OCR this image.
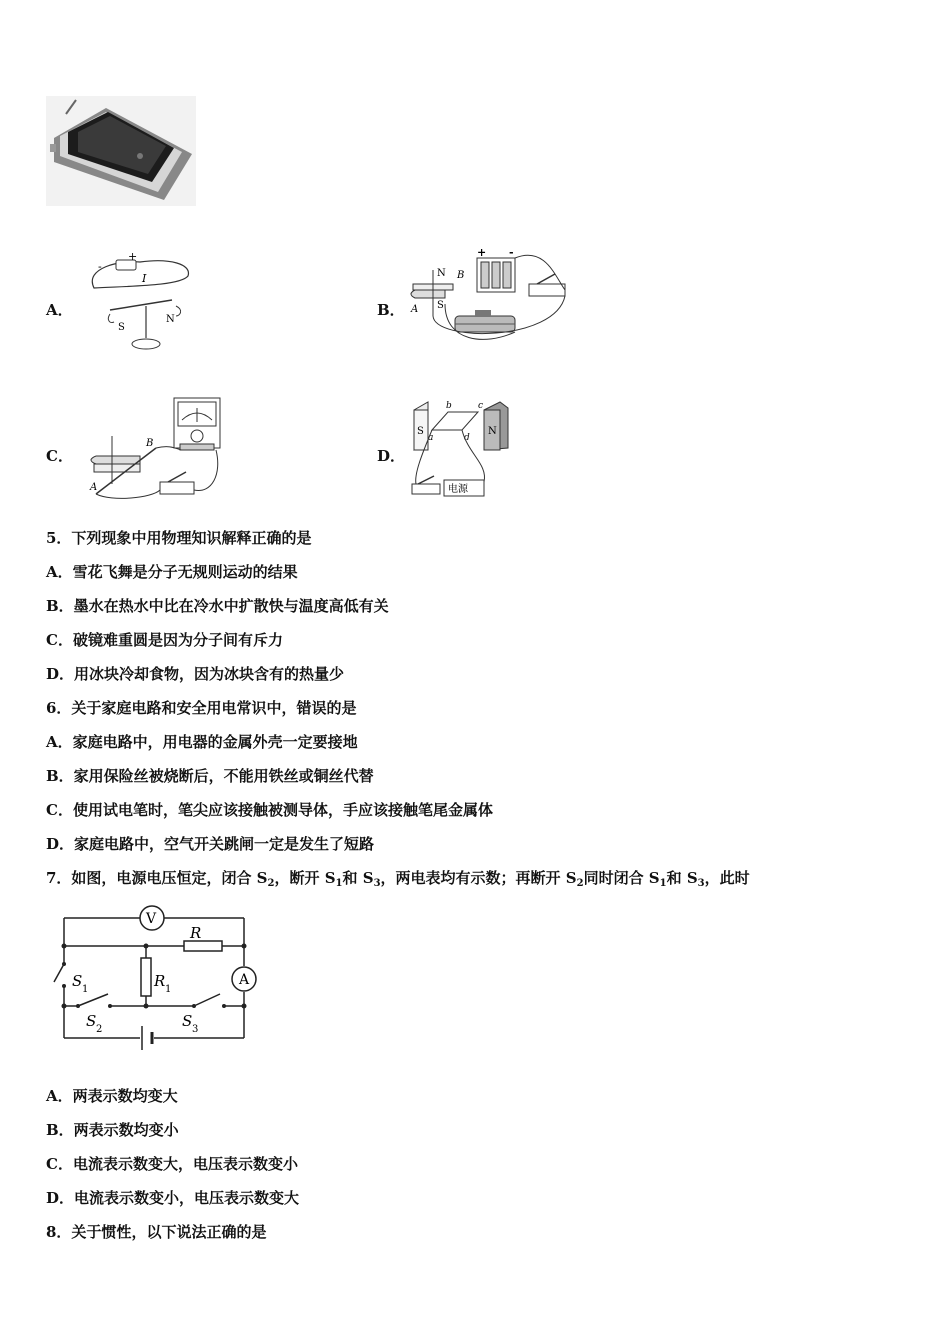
A．
-
+
I
S
N
B．
N B
A S
+ -
C．
B
A
D．
S	N
b	c
a	d
电源
5．下列现象中用物理知识解释正确的是
A．雪花飞舞是分子无规则运动的结果
B．墨水在热水中比在冷水中扩散快与温度高低有关
C．破镜难重圆是因为分子间有斥力
D．用冰块冷却食物，因为冰块含有的热量少
6．关于家庭电路和安全用电常识中，错误的是
A．家庭电路中，用电器的金属外壳一定要接地
B．家用保险丝被烧断后，不能用铁丝或铜丝代替
C．使用试电笔时，笔尖应该接触被测导体，手应该接触笔尾金属体
D．家庭电路中，空气开关跳闸一定是发生了短路
7．如图，电源电压恒定，闭合 $S_2$，断开 $S_1$和 $S_3$，两电表均有示数；再断开 $S_2$同时闭合 $S_1$和 $S_3$，此时
V
A
R
R 1
S 1
S 2	S 3
A．两表示数均变大
B．两表示数均变小
C．电流表示数变大，电压表示数变小
D．电流表示数变小，电压表示数变大
8．关于惯性，以下说法正确的是
